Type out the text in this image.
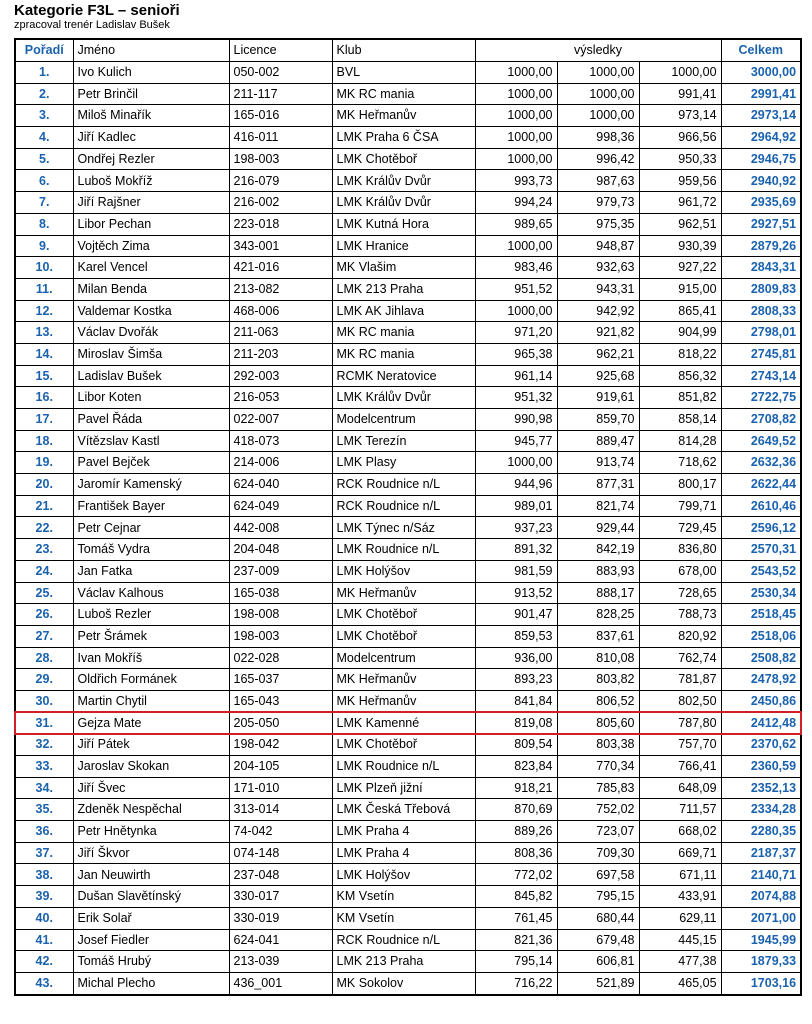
Kategorie F3L – senioři
zpracoval trenér Ladislav Bušek
Pořadí	Jméno	Licence	Klub	výsledky			Celkem
1.	Ivo Kulich	050-002	BVL	1000,00	1000,00	1000,00	3000,00
2.	Petr Brinčil	211-117	MK RC mania	1000,00	1000,00	991,41	2991,41
3.	Miloš Minařík	165-016	MK Heřmanův	1000,00	1000,00	973,14	2973,14
4.	Jiří Kadlec	416-011	LMK Praha 6 ČSA	1000,00	998,36	966,56	2964,92
5.	Ondřej Rezler	198-003	LMK Chotěboř	1000,00	996,42	950,33	2946,75
6.	Luboš Mokříž	216-079	LMK Králův Dvůr	993,73	987,63	959,56	2940,92
7.	Jiří Rajšner	216-002	LMK Králův Dvůr	994,24	979,73	961,72	2935,69
8.	Libor Pechan	223-018	LMK Kutná Hora	989,65	975,35	962,51	2927,51
9.	Vojtěch Zima	343-001	LMK Hranice	1000,00	948,87	930,39	2879,26
10.	Karel Vencel	421-016	MK Vlašim	983,46	932,63	927,22	2843,31
11.	Milan Benda	213-082	LMK 213 Praha	951,52	943,31	915,00	2809,83
12.	Valdemar Kostka	468-006	LMK AK Jihlava	1000,00	942,92	865,41	2808,33
13.	Václav Dvořák	211-063	MK RC mania	971,20	921,82	904,99	2798,01
14.	Miroslav Šimša	211-203	MK RC mania	965,38	962,21	818,22	2745,81
15.	Ladislav Bušek	292-003	RCMK Neratovice	961,14	925,68	856,32	2743,14
16.	Libor Koten	216-053	LMK Králův Dvůr	951,32	919,61	851,82	2722,75
17.	Pavel Řáda	022-007	Modelcentrum	990,98	859,70	858,14	2708,82
18.	Vítězslav Kastl	418-073	LMK Terezín	945,77	889,47	814,28	2649,52
19.	Pavel Bejček	214-006	LMK Plasy	1000,00	913,74	718,62	2632,36
20.	Jaromír Kamenský	624-040	RCK Roudnice n/L	944,96	877,31	800,17	2622,44
21.	František Bayer	624-049	RCK Roudnice n/L	989,01	821,74	799,71	2610,46
22.	Petr Cejnar	442-008	LMK Týnec n/Sáz	937,23	929,44	729,45	2596,12
23.	Tomáš Vydra	204-048	LMK Roudnice n/L	891,32	842,19	836,80	2570,31
24.	Jan Fatka	237-009	LMK Holýšov	981,59	883,93	678,00	2543,52
25.	Václav Kalhous	165-038	MK Heřmanův	913,52	888,17	728,65	2530,34
26.	Luboš Rezler	198-008	LMK Chotěboř	901,47	828,25	788,73	2518,45
27.	Petr Šrámek	198-003	LMK Chotěboř	859,53	837,61	820,92	2518,06
28.	Ivan Mokříš	022-028	Modelcentrum	936,00	810,08	762,74	2508,82
29.	Oldřich Formánek	165-037	MK Heřmanův	893,23	803,82	781,87	2478,92
30.	Martin Chytil	165-043	MK Heřmanův	841,84	806,52	802,50	2450,86
31.	Gejza Mate	205-050	LMK Kamenné	819,08	805,60	787,80	2412,48
32.	Jiří Pátek	198-042	LMK Chotěboř	809,54	803,38	757,70	2370,62
33.	Jaroslav Skokan	204-105	LMK Roudnice n/L	823,84	770,34	766,41	2360,59
34.	Jiří Švec	171-010	LMK Plzeň jižní	918,21	785,83	648,09	2352,13
35.	Zdeněk Nespěchal	313-014	LMK Česká Třebová	870,69	752,02	711,57	2334,28
36.	Petr Hnětynka	74-042	LMK Praha 4	889,26	723,07	668,02	2280,35
37.	Jiří Škvor	074-148	LMK Praha 4	808,36	709,30	669,71	2187,37
38.	Jan Neuwirth	237-048	LMK Holýšov	772,02	697,58	671,11	2140,71
39.	Dušan Slavětínský	330-017	KM Vsetín	845,82	795,15	433,91	2074,88
40.	Erik Solař	330-019	KM Vsetín	761,45	680,44	629,11	2071,00
41.	Josef Fiedler	624-041	RCK Roudnice n/L	821,36	679,48	445,15	1945,99
42.	Tomáš Hrubý	213-039	LMK 213 Praha	795,14	606,81	477,38	1879,33
43.	Michal Plecho	436_001	MK Sokolov	716,22	521,89	465,05	1703,16
